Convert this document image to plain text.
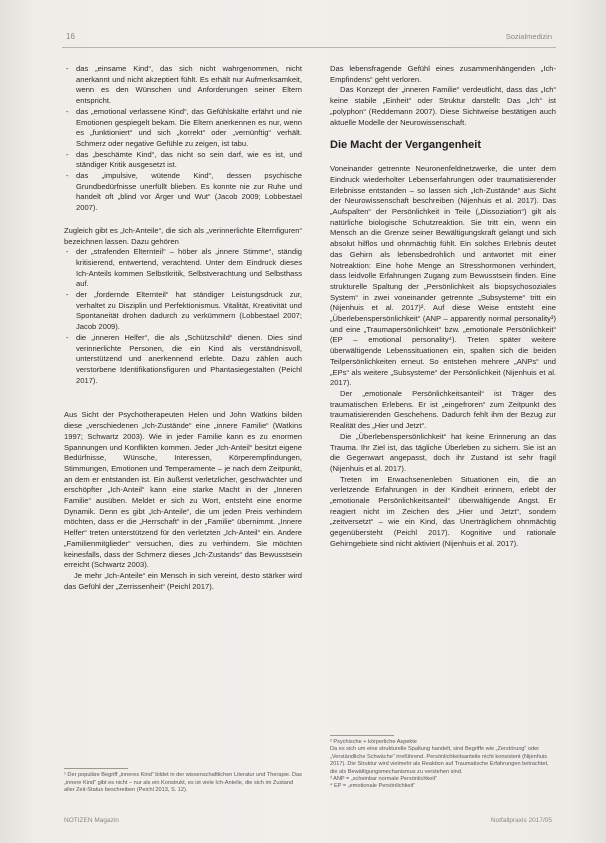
16	Sozialmedizin
- das „einsame Kind“, das sich nicht wahrgenommen, nicht anerkannt und nicht akzeptiert fühlt. Es erhält nur Aufmerksamkeit, wenn es den Wünschen und Anforderungen seiner Eltern entspricht.
- das „emotional verlassene Kind“, das Gefühlskälte erfährt und nie Emotionen gespiegelt bekam. Die Eltern anerkennen es nur, wenn es „funktioniert“ und sich „korrekt“ oder „vernünftig“ verhält. Schmerz oder negative Gefühle zu zeigen, ist tabu.
- das „beschämte Kind“, das nicht so sein darf, wie es ist, und ständiger Kritik ausgesetzt ist.
- das „impulsive, wütende Kind“, dessen psychische Grundbedürfnisse unerfüllt blieben. Es konnte nie zur Ruhe und handelt oft „blind vor Ärger und Wut“ (Jacob 2009; Lobbestael 2007).

Zugleich gibt es „Ich-Anteile“, die sich als „verinnerlichte Elternfiguren“ bezeichnen lassen. Dazu gehören

- der „strafenden Elternteil“ – höber als „innere Stimme“, ständig kritisierend, entwertend, verachtend. Unter dem Eindruck dieses Ich-Anteils kommen Selbstkritik, Selbstverachtung und Selbsthass auf.
- der „fordernde Elternteil“ hat ständiger Leistungsdruck zur, verhaltet zu Disziplin und Perfektionismus. Vitalität, Kreativität und Spontaneität drohen dadurch zu verkümmern (Lobbestael 2007; Jacob 2009).
- die „inneren Helfer“, die als „Schützschild“ dienen. Dies sind verinnerlichte Personen, die ein Kind als verständnisvoll, unterstützend und anerkennend erlebte. Dazu zählen auch verstorbene Identifikationsfiguren und Phantasiegestalten (Peichl 2017).

Aus Sicht der Psychotherapeuten Helen und John Watkins bilden diese „verschiedenen „Ich-Zustände“ eine „innere Familie“ (Watkins 1997; Schwartz 2003). Wie in jeder Familie kann es zu enormen Spannungen und Konflikten kommen. Jeder „Ich-Anteil“ besitzt eigene Bedürfnisse, Wünsche, Interessen, Körperempfindungen, Stimmungen, Emotionen und Temperamente – je nach dem Zeitpunkt, an dem er entstanden ist. Ein äußerst verletzlicher, geschwächter und erschöpfter „Ich-Anteil“ kann eine starke Macht in der „Inneren Familie“ ausüben. Meldet er sich zu Wort, entsteht eine enorme Dynamik. Denn es gibt „Ich-Anteile“, die um jeden Preis verhindern möchten, dass er die „Herrschaft“ in der „Familie“ übernimmt. „Innere Helfer“ treten unterstützend für den verletzten „Ich-Anteil“ ein. Andere „Familienmitglieder“ versuchen, dies zu verhindern. Sie möchten keinesfalls, dass der Schmerz dieses „Ich-Zustands“ das Bewusstsein erreicht (Schwartz 2003).

Je mehr „Ich-Anteile“ ein Mensch in sich vereint, desto stärker wird das Gefühl der „Zerrissenheit“ (Peichl 2017).

¹ Der populäre Begriff „inneres Kind“ bildet in der wissenschaftlichen Literatur und Therapie. Das „innere Kind“ gibt es nicht – nur als ein Konstrukt, es ist viele Ich-Anteile, die sich im Zustand aller Zeit-Status beschreiben (Peichl 2013, S. 12).

Das lebensfragende Gefühl eines zusammenhängenden „Ich-Empfindens“ geht verloren.

Das Konzept der „inneren Familie“ verdeutlicht, dass das „Ich“ keine stabile „Einheit“ oder Struktur darstellt: Das „Ich“ ist „polyphon“ (Reddemann 2007). Diese Sichtweise bestätigen auch aktuelle Modelle der Neurowissenschaft.

Die Macht der Vergangenheit

Voneinander getrennte Neuronenfeldnetzwerke, die unter dem Eindruck wiederholter Lebenserfahrungen oder traumatisierender Erlebnisse entstanden – so lassen sich „Ich-Zustände“ aus Sicht der Neurowissenschaft beschreiben (Nijenhuis et al. 2017). Das „Aufspalten“ der Persönlichkeit in Teile („Dissoziation“) gilt als natürliche biologische Schutzreaktion. Sie tritt ein, wenn ein Mensch an die Grenze seiner Bewältigungskraft gelangt und sich absolut hilflos und ohnmächtig fühlt. Ein solches Erlebnis deutet das Gehirn als lebensbedrohlich und antwortet mit einer Notreaktion: Eine hohe Menge an Stresshormonen verhindert, dass leidvolle Erfahrungen Zugang zum Bewusstsein finden. Eine strukturelle Spaltung der „Persönlichkeit als biopsychosoziales System“ in zwei voneinander getrennte „Subsysteme“ tritt ein (Nijenhuis et al. 2017)². Auf diese Weise entsteht eine „Überlebenspersönlichkeit“ (ANP – apparently normal personality³) und eine „Traumapersönlichkeit“ bzw. „emotionale Persönlichkeit“ (EP – emotional personality⁴). Treten später weitere überwältigende Lebenssituationen ein, spalten sich die beiden Teilpersönlichkeiten erneut. So entstehen mehrere „ANPs“ und „EPs“ als weitere „Subsysteme“ der Persönlichkeit (Nijenhuis et al. 2017).

Der „emotionale Persönlichkeitsanteil“ ist Träger des traumatischen Erlebens. Er ist „eingefroren“ zum Zeitpunkt des traumatisierenden Geschehens. Dadurch fehlt ihm der Bezug zur Realität des „Hier und Jetzt“.

Die „Überlebenspersönlichkeit“ hat keine Erinnerung an das Trauma. Ihr Ziel ist, das tägliche Überleben zu sichern. Sie ist an die Gegenwart angepasst, doch ihr Zustand ist sehr fragil (Nijenhuis et al. 2017).

Treten im Erwachsenenleben Situationen ein, die an verletzende Erfahrungen in der Kindheit erinnern, erlebt der „emotionale Persönlichkeitsanteil“ überwältigende Angst. Er reagiert nicht im Zeichen des „Hier und Jetzt“, sondern „zeitversetzt“ – wie ein Kind, das Unerträglichem ohnmächtig gegenübersteht (Peichl 2017). Kognitive und rationale Gehirngebiete sind nicht aktiviert (Nijenhuis et al. 2017).

² Psychische + körperliche Aspekte

Da es sich um eine strukturelle Spaltung handelt, sind Begriffe wie „Zerstörung“ oder „Verständliche Schwäche“ irreführend. Persönlichkeitsanteile nicht konsistent (Nijenhuis 2017). Die Struktur wird vielmehr als Reaktion auf Traumatische Erfahrungen betrachtet, die als Bewältigungsmechanismus zu verstehen sind.

³ ANP = „scheinbar normale Persönlichkeit“

⁴ EP = „emotionale Persönlichkeit“

NOTIZEN Magazin	Notfallpraxis 2017/05
